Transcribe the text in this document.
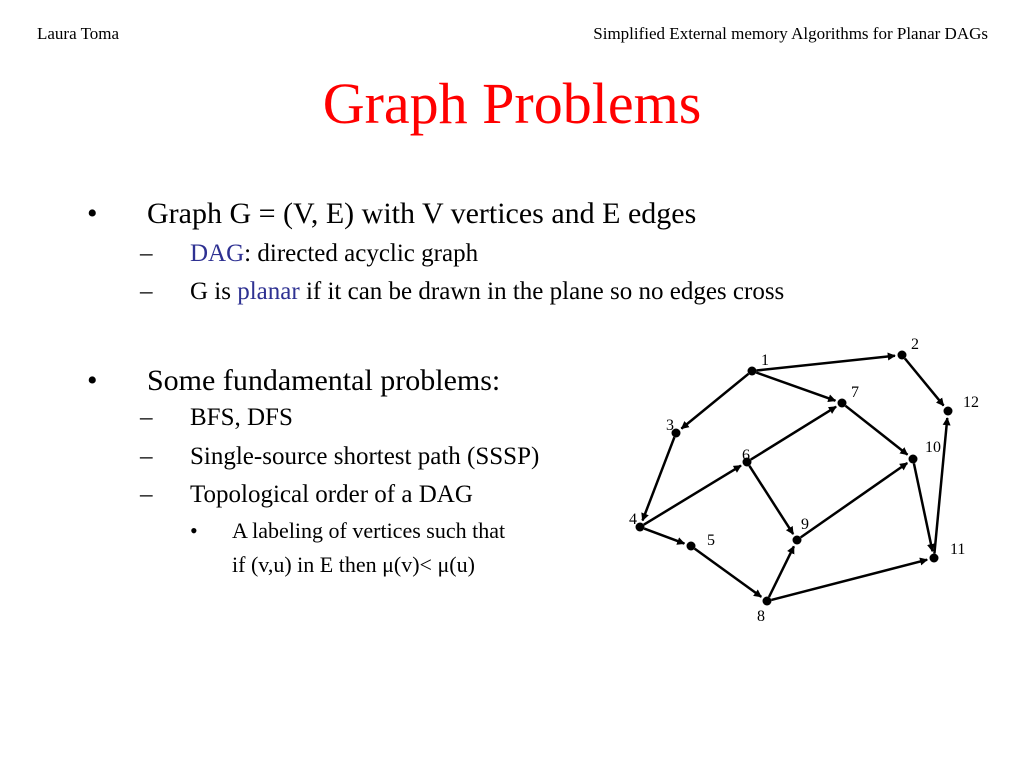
Laura Toma	Simplified External memory Algorithms for Planar DAGs
Graph Problems
• Graph G = (V, E) with V vertices and E edges
– DAG: directed acyclic graph
– G is planar if it can be drawn in the plane so no edges cross
• Some fundamental problems:
– BFS, DFS
– Single-source shortest path (SSSP)
– Topological order of a DAG
• A labeling of vertices such that
if (v,u) in E then μ(v)< μ(u)
1
2
3
4
5
6
7
8
9
10
11
12
